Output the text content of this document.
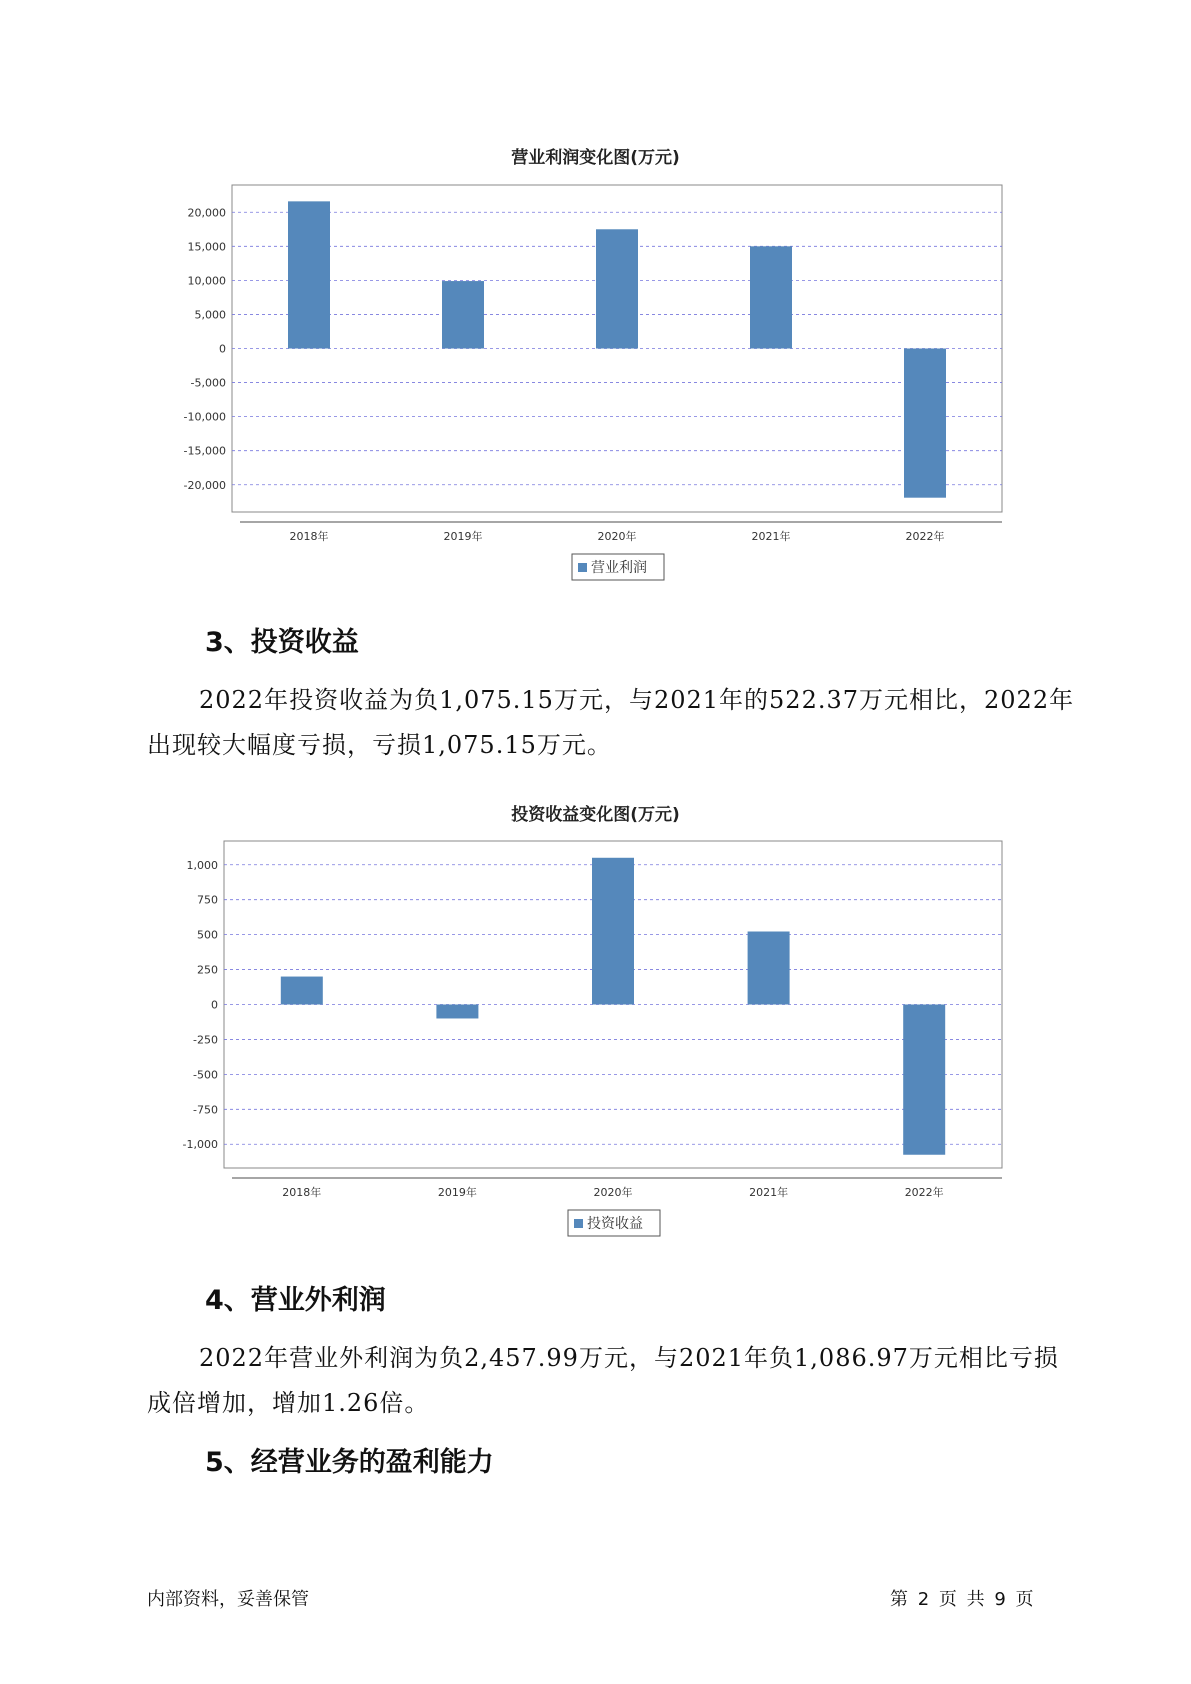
营业利润变化图(万元)
20,000
15,000
10,000
5,000
0
-5,000
-10,000
-15,000
-20,000
2018年	2019年	2020年	2021年	2022年
营业利润
3、投资收益

2022年投资收益为负1,075.15万元，与2021年的522.37万元相比，2022年出现较大幅度亏损，亏损1,075.15万元。

投资收益变化图(万元)
1,000
750
500
250
0
-250
-500
-750
-1,000
2018年	2019年	2020年	2021年	2022年
投资收益
4、营业外利润

2022年营业外利润为负2,457.99万元，与2021年负1,086.97万元相比亏损成倍增加，增加1.26倍。

5、经营业务的盈利能力
内部资料，妥善保管	第 2 页 共 9 页
